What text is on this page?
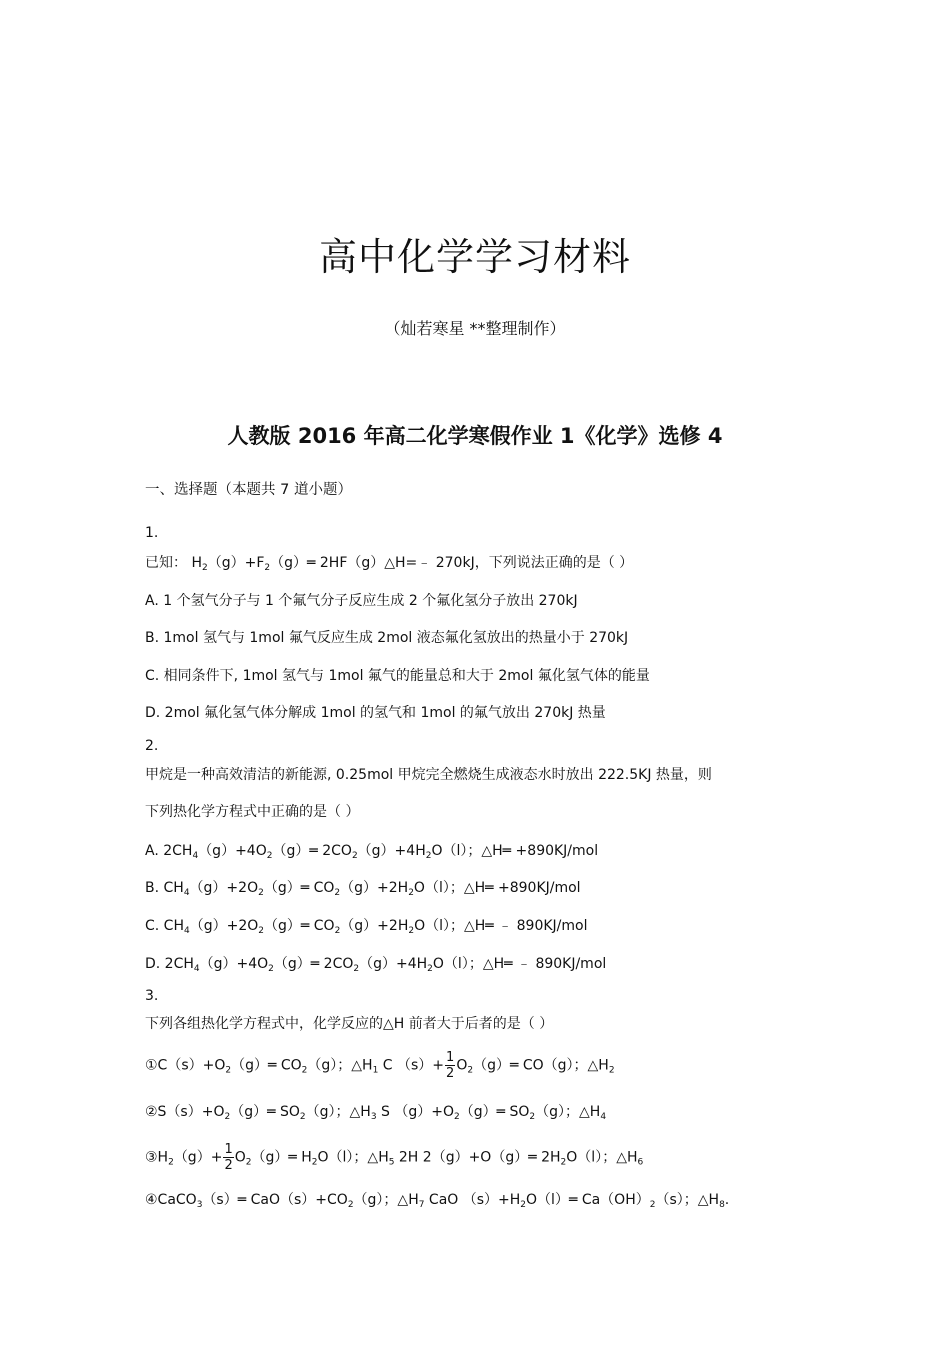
高中化学学习材料
（灿若寒星 **整理制作）
人教版 2016 年高二化学寒假作业 1《化学》选修 4
一、选择题（本题共 7 道小题）
1.
已知： $H_2(g)+F_2(g)═$ 2HF（g）△H=﹣ 270kJ，下列说法正确的是（ ）
A. 1 个氢气分子与 1 个氟气分子反应生成 2 个氟化氢分子放出 270kJ
B. 1mol 氢气与 1mol 氟气反应生成 2mol 液态氟化氢放出的热量小于 270kJ
C. 相同条件下, 1mol 氢气与 1mol 氟气的能量总和大于 2mol 氟化氢气体的能量
D. 2mol 氟化氢气体分解成 1mol 的氢气和 1mol 的氟气放出 270kJ 热量
2.
甲烷是一种高效清洁的新能源, 0.25mol 甲烷完全燃烧生成液态水时放出 222.5KJ 热量，则
下列热化学方程式中正确的是（ ）
A. $2CH_4(g)+4O_2(g)═$ $2CO_2(g)+4H_2O(l)$；△H═ +890KJ/mol
B. $CH_4(g)+2O_2(g)═$ $CO_2(g)+2H_2O(l)$；△H═ +890KJ/mol
C. $CH_4(g)+2O_2(g)═$ $CO_2(g)+2H_2O(l)$；△H═ ﹣ 890KJ/mol
D. $2CH_4(g)+4O_2(g)═$ $2CO_2(g)+4H_2O(l)$；△H═ ﹣ 890KJ/mol
3.
下列各组热化学方程式中，化学反应的△H 前者大于后者的是（ ）
$①C(s)+O_2(g)═$ $CO_2(g)$；$\triangle H_1$ C $(s)+ \frac{1}{2}$ $O_2(g)═$ CO（g）；$\triangle H_2$
$②S(s)+O_2(g)═$ $SO_2(g)$；$\triangle H_3$ S $(g)+O_2(g)═$ $SO_2(g)$；$\triangle H_4$
$③H_2(g)+ \frac{1}{2}$ $O_2(g)═$ $H_2O(l)$；$\triangle H_5$ 2H 2（g）+O（g）═ $2H_2O(l)$；$\triangle H_6$
④CaCO$_3$（s）═ $CaO(s)+CO_2(g)$；$\triangle H_7$ CaO $(s)+H_2O(l)═$ $Ca(OH)_2(s)$；$\triangle H_8$.
